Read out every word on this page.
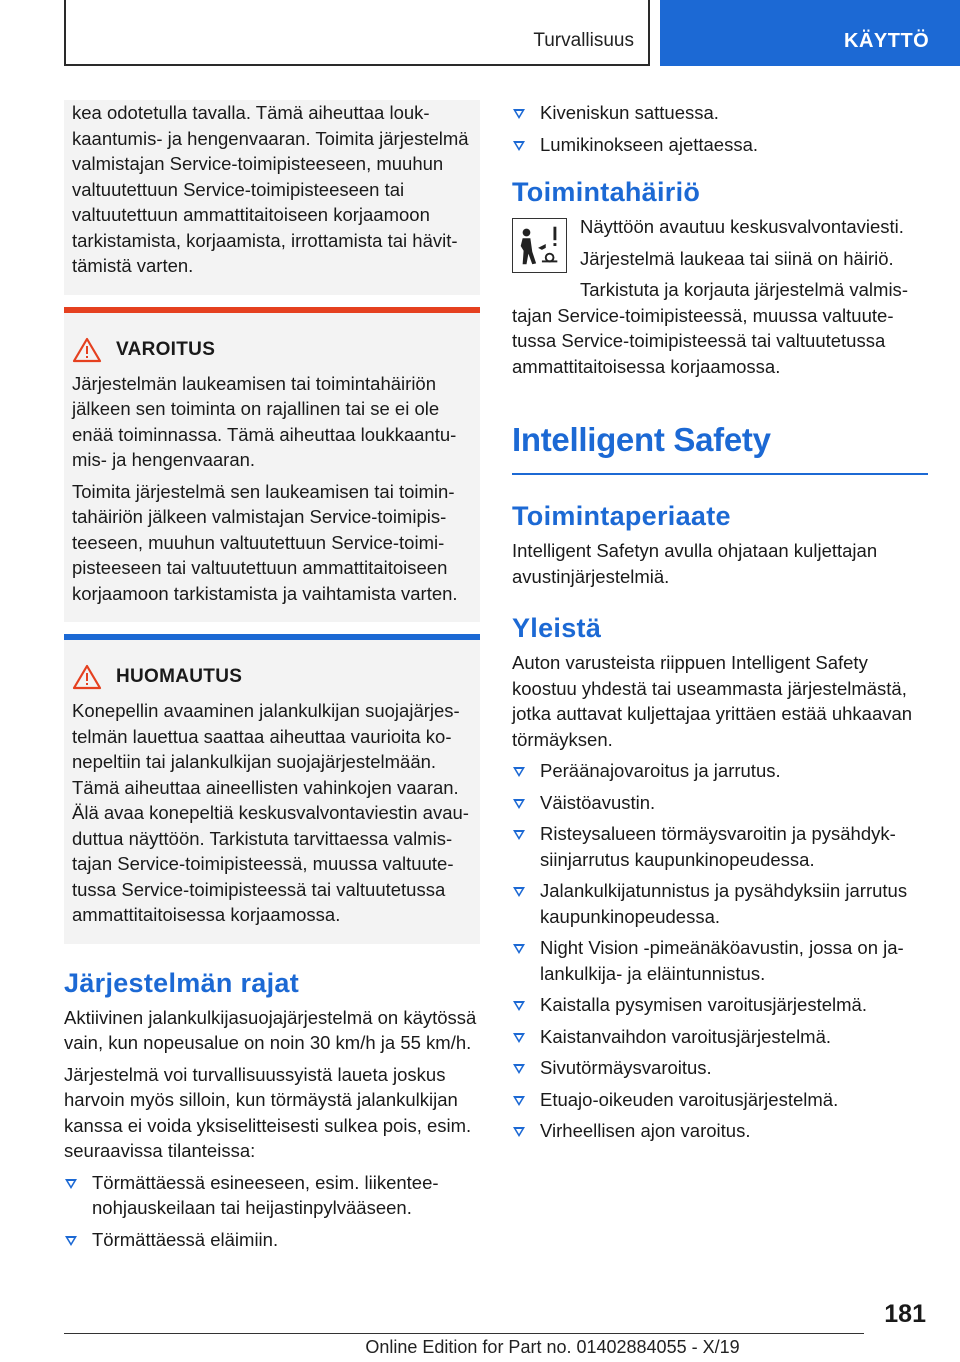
Turvallisuus	KÄYTTÖ

kea odotetulla tavalla. Tämä aiheuttaa loukkaantumis- ja hengenvaaran. Toimita järjestelmä valmistajan Service-toimipisteeseen, muuhun valtuutettuun Service-toimipisteeseen tai valtuutettuun ammattitaitoiseen korjaamoon tarkistamista, korjaamista, irrottamista tai hävittämistä varten.

VAROITUS

Järjestelmän laukeamisen tai toimintahäiriön jälkeen sen toiminta on rajallinen tai se ei ole enää toiminnassa. Tämä aiheuttaa loukkaantumis- ja hengenvaaran.

Toimita järjestelmä sen laukeamisen tai toimintahäiriön jälkeen valmistajan Service-toimipisteeseen, muuhun valtuutettuun Service-toimipisteeseen tai valtuutettuun ammattitaitoiseen korjaamoon tarkistamista ja vaihtamista varten.

HUOMAUTUS

Konepellin avaaminen jalankulkijan suojajärjestelmän lauettua saattaa aiheuttaa vaurioita konepeltiin tai jalankulkijan suojajärjestelmään. Tämä aiheuttaa aineellisten vahinkojen vaaran. Älä avaa konepeltiä keskusvalvontaviestin avauduttua näyttöön. Tarkistuta tarvittaessa valmistajan Service-toimipisteessä, muussa valtuutetussa Service-toimipisteessä tai valtuutetussa ammattitaitoisessa korjaamossa.

Järjestelmän rajat

Aktiivinen jalankulkijasuojajärjestelmä on käytössä vain, kun nopeusalue on noin 30 km/h ja 55 km/h.

Järjestelmä voi turvallisuussyistä laueta joskus harvoin myös silloin, kun törmäystä jalankulkijan kanssa ei voida yksiselitteisesti sulkea pois, esim. seuraavissa tilanteissa:

Törmättäessä esineeseen, esim. liikenteenohjauskeilaan tai heijastinpylvääseen.
Törmättäessä eläimiin.
Kiveniskun sattuessa.
Lumikinokseen ajettaessa.
Toimintahäiriö

Näyttöön avautuu keskusvalvontaviesti.

Järjestelmä laukeaa tai siinä on häiriö.

Tarkistuta ja korjauta järjestelmä valmistajan Service-toimipisteessä, muussa valtuutetussa Service-toimipisteessä tai valtuutetussa ammattitaitoisessa korjaamossa.

Intelligent Safety
Toimintaperiaate

Intelligent Safetyn avulla ohjataan kuljettajan avustinjärjestelmiä.

Yleistä

Auton varusteista riippuen Intelligent Safety koostuu yhdestä tai useammasta järjestelmästä, jotka auttavat kuljettajaa yrittäen estää uhkaavan törmäyksen.

Peräänajovaroitus ja jarrutus.
Väistöavustin.
Risteysalueen törmäysvaroitin ja pysähdyksiinjarrutus kaupunkinopeudessa.
Jalankulkijatunnistus ja pysähdyksiin jarrutus kaupunkinopeudessa.
Night Vision -pimeänäköavustin, jossa on jalankulkija- ja eläintunnistus.
Kaistalla pysymisen varoitusjärjestelmä.
Kaistanvaihdon varoitusjärjestelmä.
Sivutörmäysvaroitus.
Etuajo-oikeuden varoitusjärjestelmä.
Virheellisen ajon varoitus.
181
Online Edition for Part no. 01402884055 - X/19
